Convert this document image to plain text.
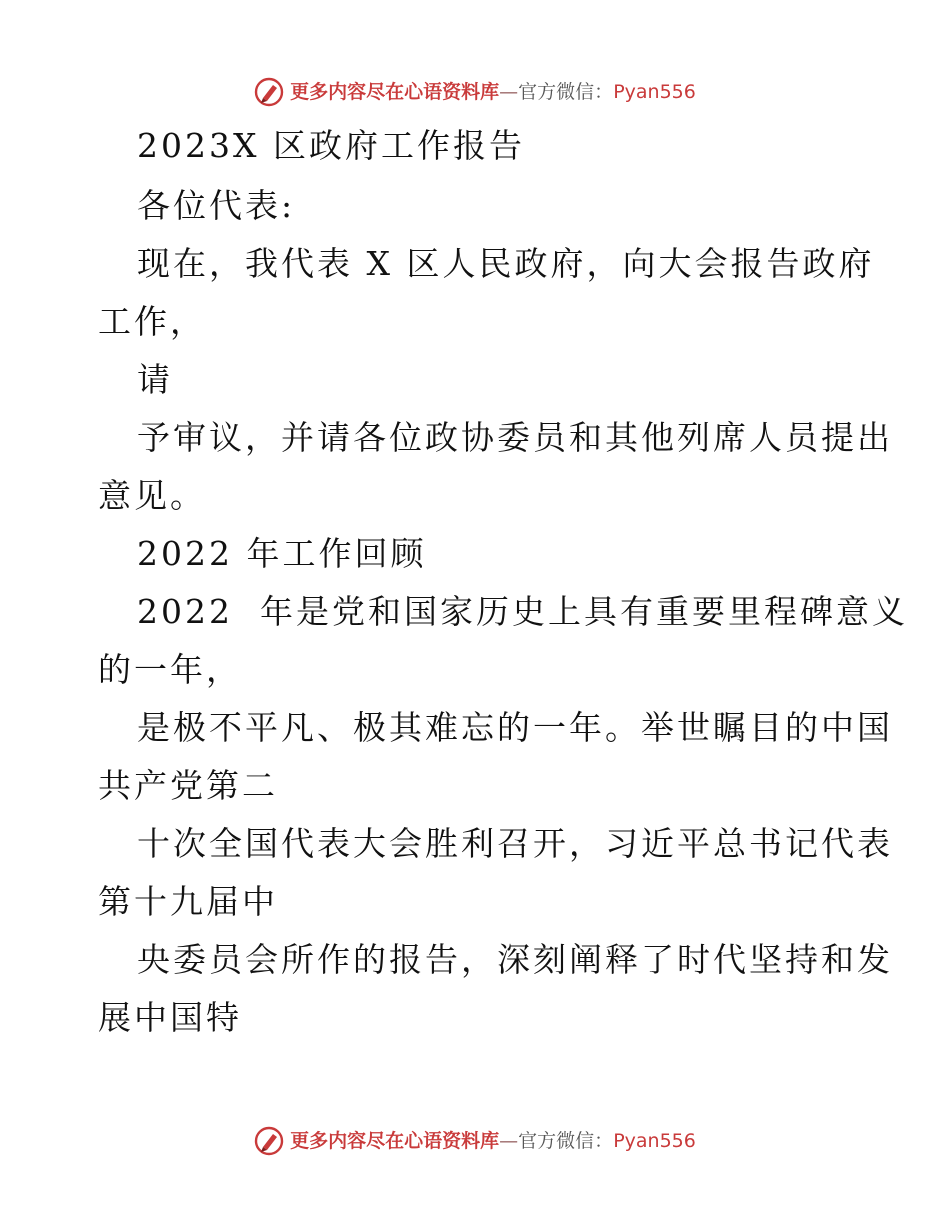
更多内容尽在心语资料库 — 官方微信： Pyan556
2023X 区政府工作报告
各位代表:
现在，我代表 X 区人民政府，向大会报告政府
工作，
请
予审议，并请各位政协委员和其他列席人员提出
意见。
2022 年工作回顾
2022  年是党和国家历史上具有重要里程碑意义
的一年，
是极不平凡、极其难忘的一年。举世瞩目的中国
共产党第二
十次全国代表大会胜利召开，习近平总书记代表
第十九届中
央委员会所作的报告，深刻阐释了时代坚持和发
展中国特
更多内容尽在心语资料库 — 官方微信： Pyan556
